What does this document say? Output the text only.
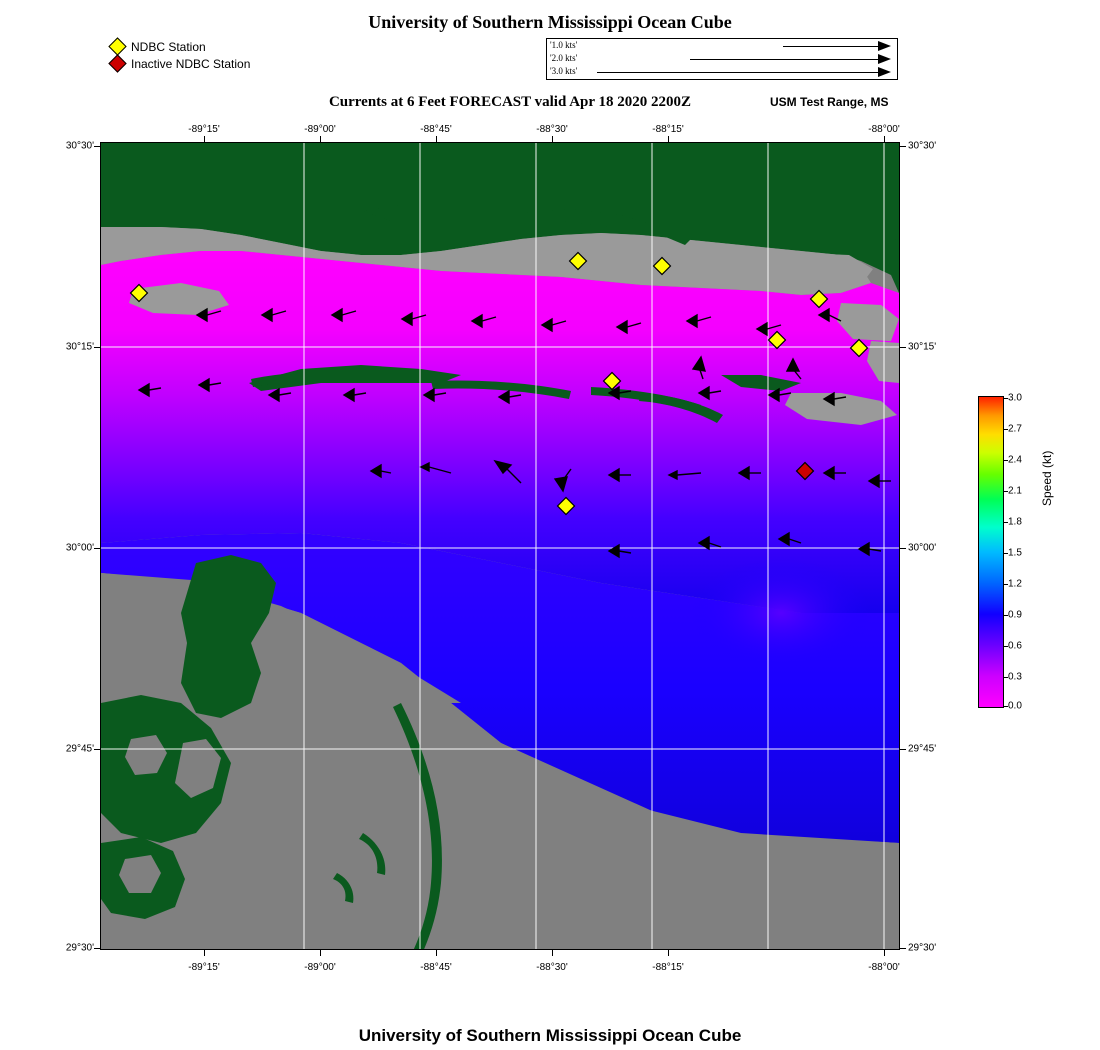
University of Southern Mississippi Ocean Cube
NDBC Station
Inactive NDBC Station
'1.0 kts'
'2.0 kts'
'3.0 kts'
Currents at 6 Feet FORECAST valid Apr 18 2020 2200Z	USM Test Range, MS
-89°15'	-89°00'	-88°45'	-88°30'	-88°15'	-88°00'
-89°15'	-89°00'	-88°45'	-88°30'	-88°15'	-88°00'
30°30'
30°15'
30°00'
29°45'
29°30'
30°30'
30°15'
30°00'
29°45'
29°30'
3.0
2.7
2.4
2.1
1.8
1.5
1.2
0.9
0.6
0.3
0.0
Speed (kt)
University of Southern Mississippi Ocean Cube
